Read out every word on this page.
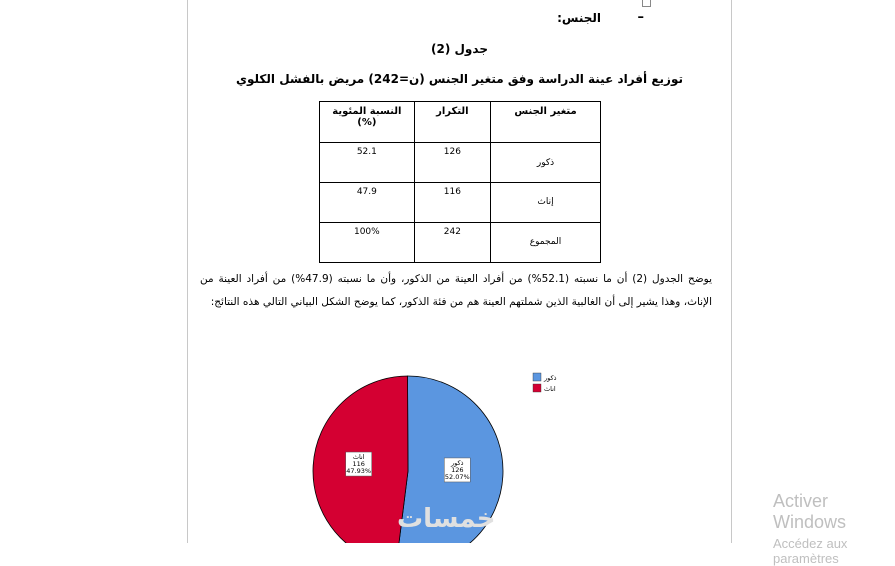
–
الجنس:
جدول (2)
توزيع أفراد عينة الدراسة وفق متغير الجنس (ن=242) مريض بالفشل الكلوي
متغير الجنس	التكرار	النسبة المئوية (%)
ذكور	126	52.1
إناث	116	47.9
المجموع	242	100%
يوضح الجدول (2) أن ما نسبته (52.1%) من أفراد العينة من الذكور، وأن ما نسبته (47.9%) من أفراد العينة من الإناث، وهذا يشير إلى أن الغالبية الذين شملتهم العينة هم من فئة الذكور، كما يوضح الشكل البياني التالي هذه النتائج:
ذكور
126
52.07%
اناث
116
47.93%
ذكور
اناث
خمسات
Activer Windows
Accédez aux paramètres
